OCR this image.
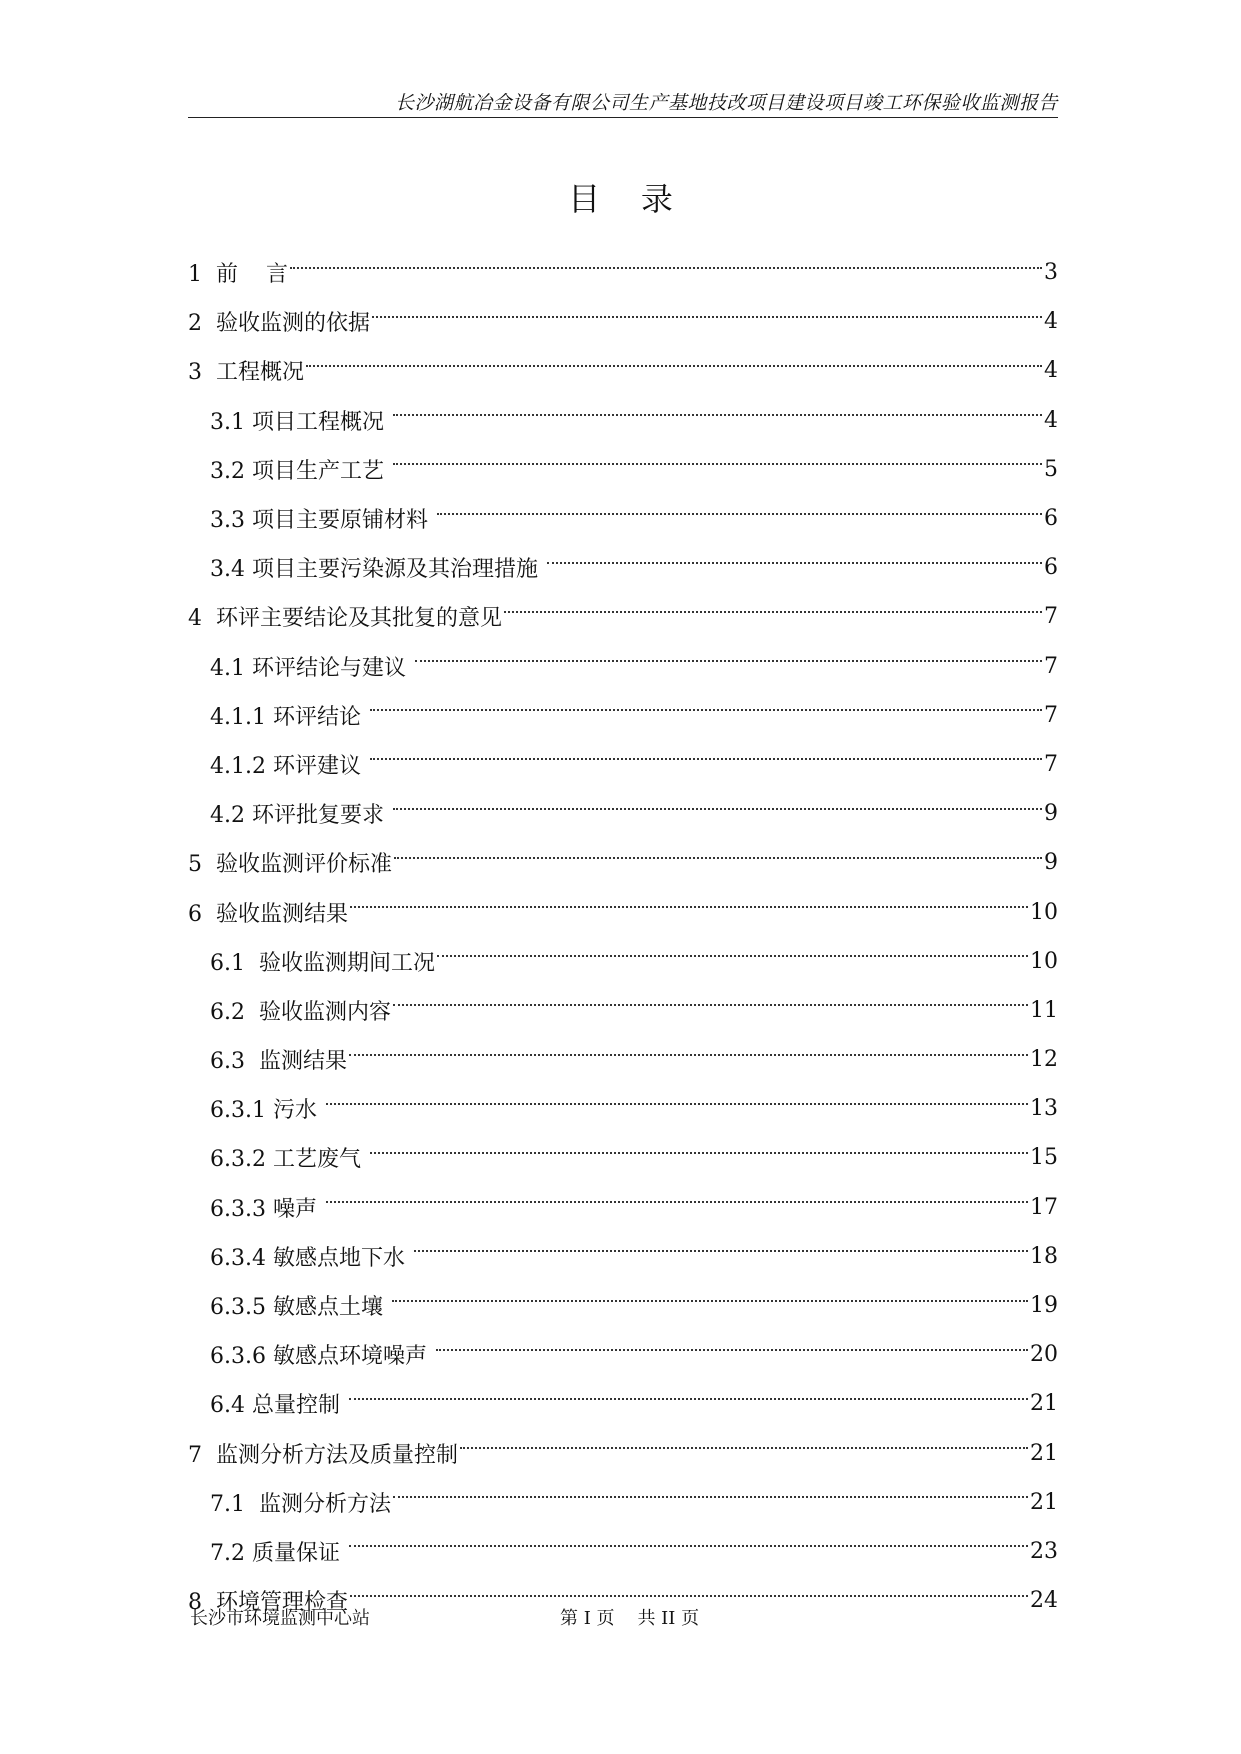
长沙湖航冶金设备有限公司生产基地技改项目建设项目竣工环保验收监测报告
目    录
1  前    言	3
2  验收监测的依据	4
3  工程概况	4
3.1 项目工程概况	4
3.2 项目生产工艺	5
3.3 项目主要原铺材料	6
3.4 项目主要污染源及其治理措施	6
4  环评主要结论及其批复的意见	7
4.1 环评结论与建议	7
4.1.1 环评结论	7
4.1.2 环评建议	7
4.2 环评批复要求	9
5  验收监测评价标准	9
6  验收监测结果	10
6.1  验收监测期间工况	10
6.2  验收监测内容	11
6.3  监测结果	12
6.3.1 污水	13
6.3.2 工艺废气	15
6.3.3 噪声	17
6.3.4 敏感点地下水	18
6.3.5 敏感点土壤	19
6.3.6 敏感点环境噪声	20
6.4 总量控制	21
7  监测分析方法及质量控制	21
7.1  监测分析方法	21
7.2 质量保证	23
8  环境管理检查	24
长沙市环境监测中心站	第 I 页    共 II 页
